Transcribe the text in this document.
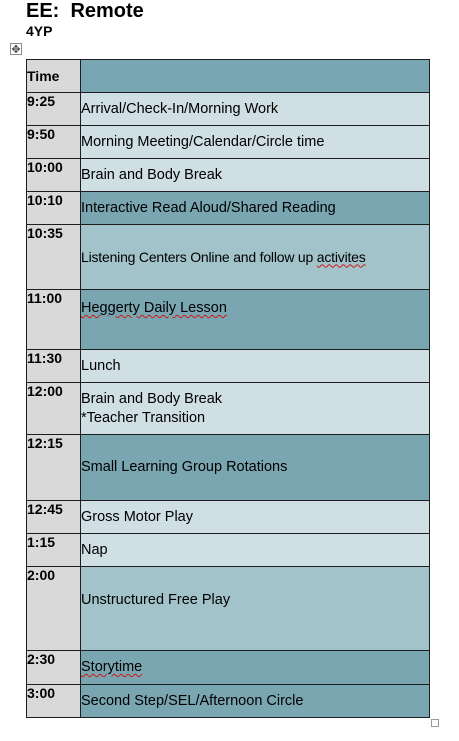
EE:  Remote
4YP
✥
Time	
9:25	Arrival/Check-In/Morning Work
9:50	Morning Meeting/Calendar/Circle time
10:00	Brain and Body Break
10:10	Interactive Read Aloud/Shared Reading
10:35	Listening Centers Online and follow up activites
11:00	Heggerty Daily Lesson
11:30	Lunch
12:00	Brain and Body Break
*Teacher Transition

12:15	Small Learning Group Rotations
12:45	Gross Motor Play
1:15	Nap
2:00	Unstructured Free Play
2:30	Storytime
3:00	Second Step/SEL/Afternoon Circle
